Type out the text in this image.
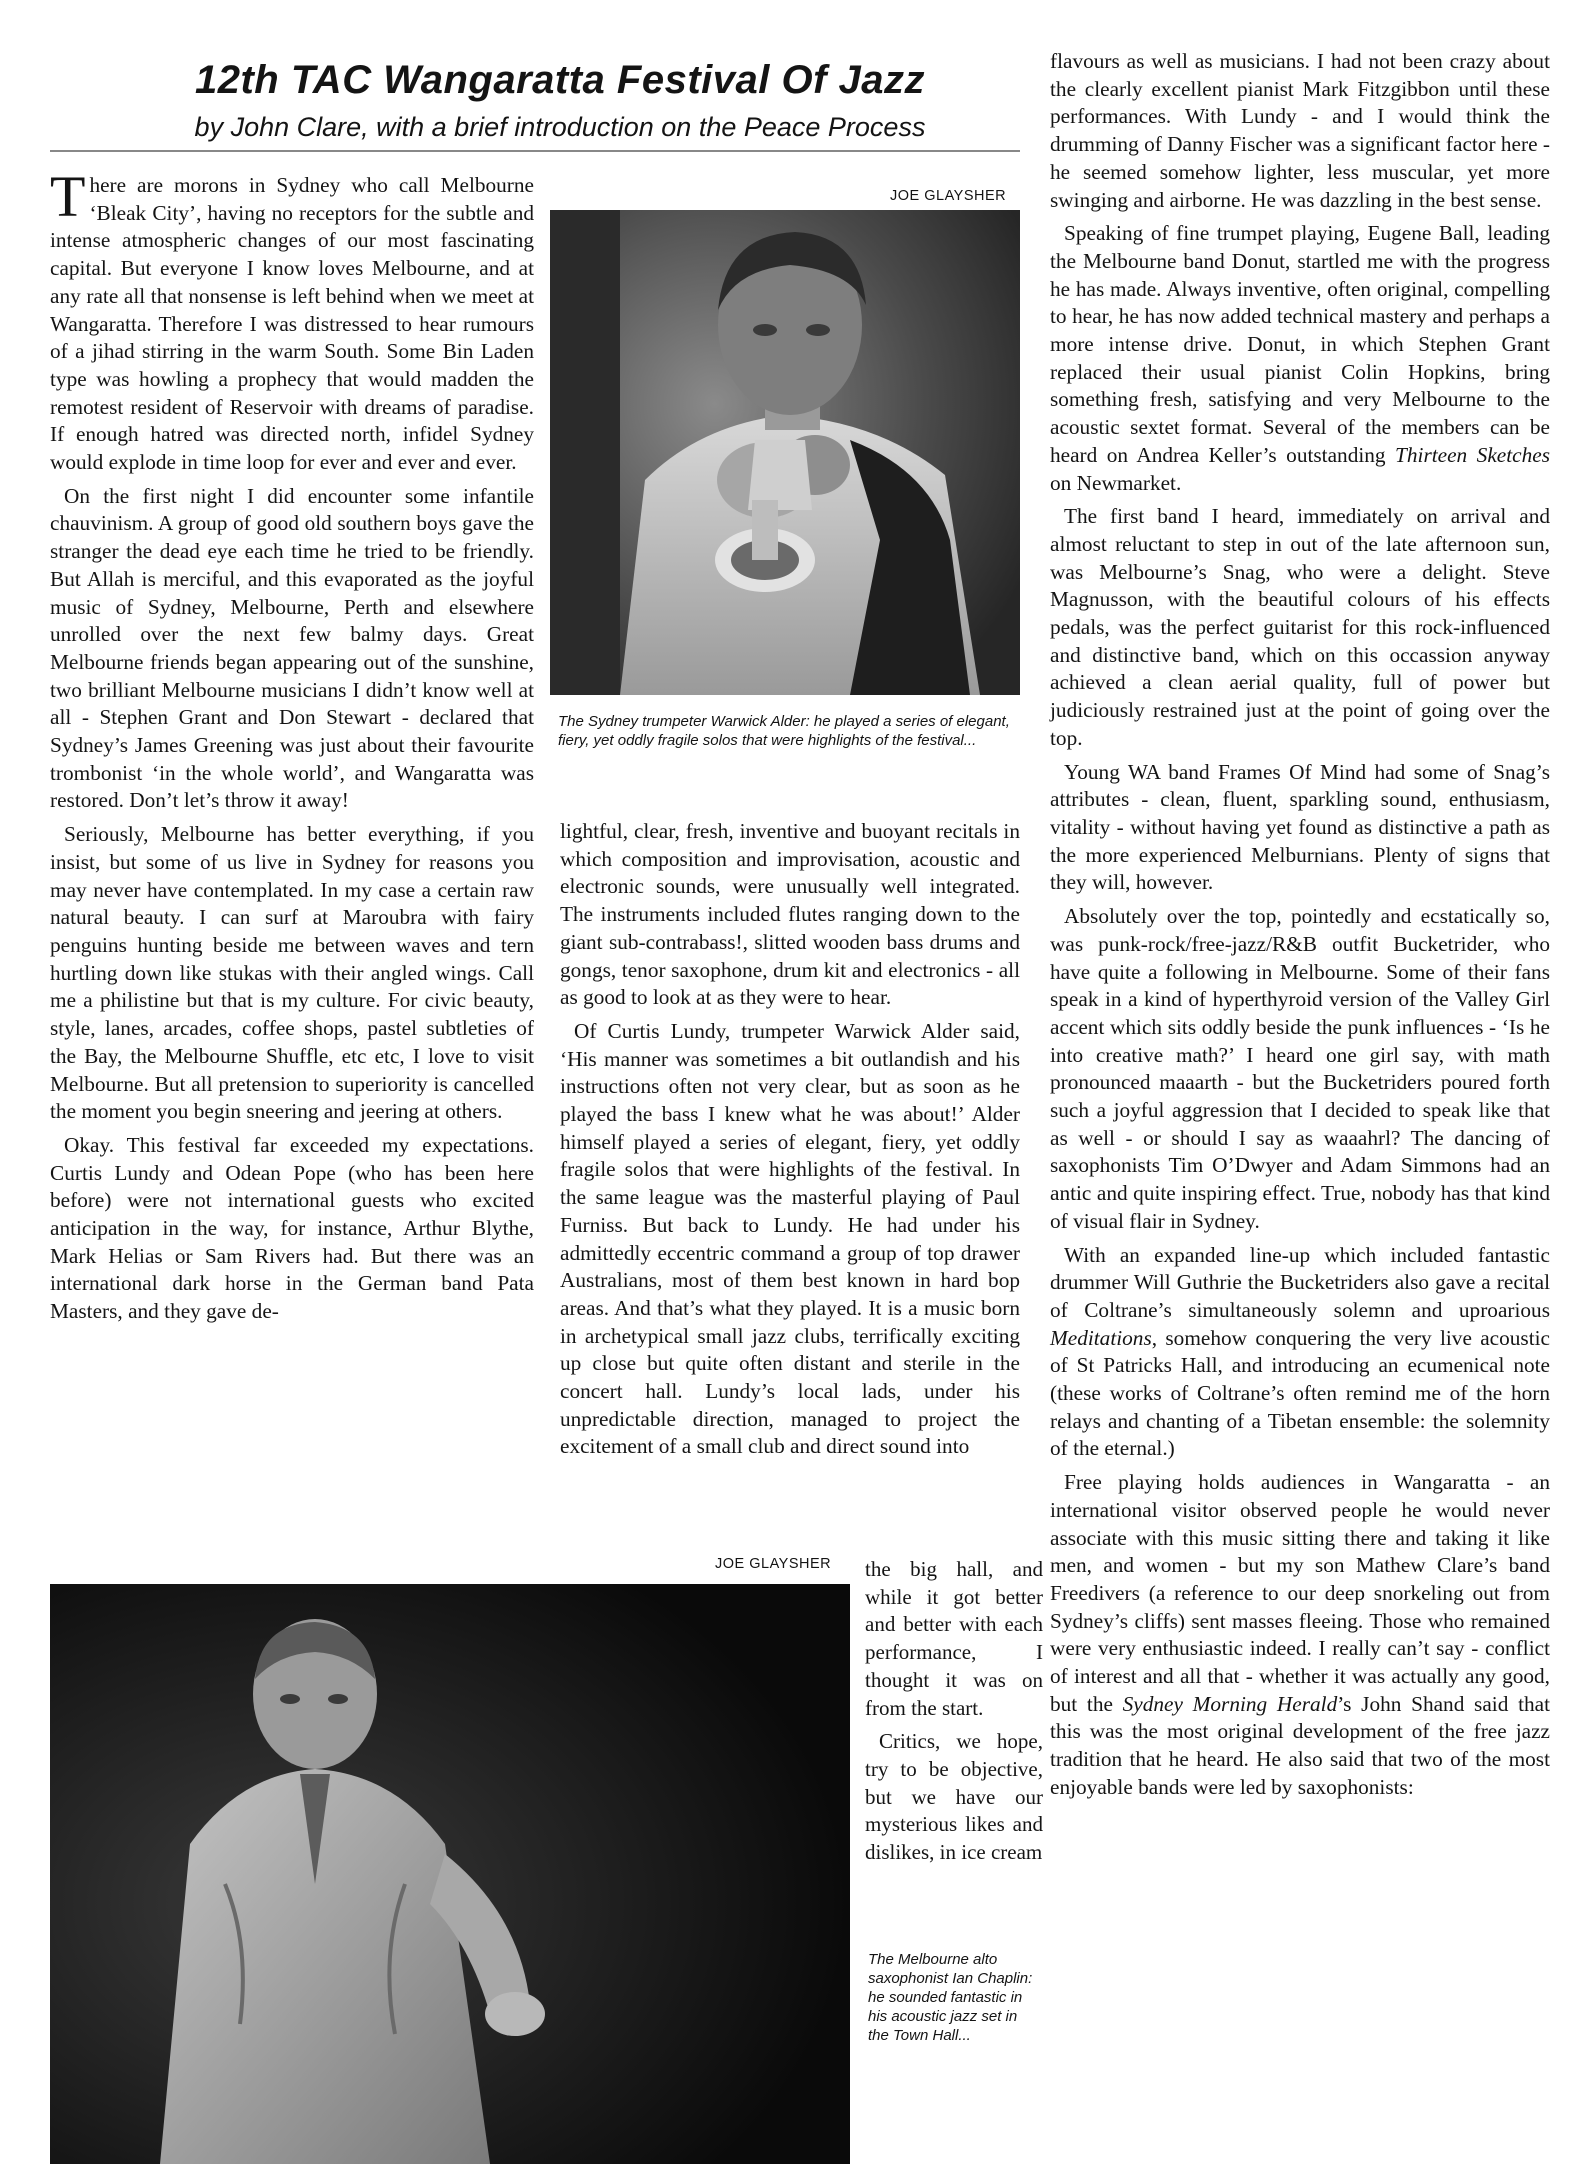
12th TAC Wangaratta Festival Of Jazz
by John Clare, with a brief introduction on the Peace Process

There are morons in Sydney who call Melbourne ‘Bleak City’, having no receptors for the subtle and intense atmospheric changes of our most fascinating capital. But everyone I know loves Melbourne, and at any rate all that nonsense is left behind when we meet at Wangaratta. Therefore I was distressed to hear rumours of a jihad stirring in the warm South. Some Bin Laden type was howling a prophecy that would madden the remotest resident of Reservoir with dreams of paradise. If enough hatred was directed north, infidel Sydney would explode in time loop for ever and ever and ever.

On the first night I did encounter some infantile chauvinism. A group of good old southern boys gave the stranger the dead eye each time he tried to be friendly. But Allah is merciful, and this evaporated as the joyful music of Sydney, Melbourne, Perth and elsewhere unrolled over the next few balmy days. Great Melbourne friends began appearing out of the sunshine, two brilliant Melbourne musicians I didn’t know well at all - Stephen Grant and Don Stewart - declared that Sydney’s James Greening was just about their favourite trombonist ‘in the whole world’, and Wangaratta was restored. Don’t let’s throw it away!

Seriously, Melbourne has better everything, if you insist, but some of us live in Sydney for reasons you may never have contemplated. In my case a certain raw natural beauty. I can surf at Maroubra with fairy penguins hunting beside me between waves and tern hurtling down like stukas with their angled wings. Call me a philistine but that is my culture. For civic beauty, style, lanes, arcades, coffee shops, pastel subtleties of the Bay, the Melbourne Shuffle, etc etc, I love to visit Melbourne. But all pretension to superiority is cancelled the moment you begin sneering and jeering at others.

Okay. This festival far exceeded my expectations. Curtis Lundy and Odean Pope (who has been here before) were not international guests who excited anticipation in the way, for instance, Arthur Blythe, Mark Helias or Sam Rivers had. But there was an international dark horse in the German band Pata Masters, and they gave de-

JOE GLAYSHER
The Sydney trumpeter Warwick Alder: he played a series of elegant, fiery, yet oddly fragile solos that were highlights of the festival...

lightful, clear, fresh, inventive and buoyant recitals in which composition and improvisation, acoustic and electronic sounds, were unusually well integrated. The instruments included flutes ranging down to the giant sub-contrabass!, slitted wooden bass drums and gongs, tenor saxophone, drum kit and electronics - all as good to look at as they were to hear.

Of Curtis Lundy, trumpeter Warwick Alder said, ‘His manner was sometimes a bit outlandish and his instructions often not very clear, but as soon as he played the bass I knew what he was about!’ Alder himself played a series of elegant, fiery, yet oddly fragile solos that were highlights of the festival. In the same league was the masterful playing of Paul Furniss. But back to Lundy. He had under his admittedly eccentric command a group of top drawer Australians, most of them best known in hard bop areas. And that’s what they played. It is a music born in archetypical small jazz clubs, terrifically exciting up close but quite often distant and sterile in the concert hall. Lundy’s local lads, under his unpredictable direction, managed to project the excitement of a small club and direct sound into

JOE GLAYSHER the big hall, and while it got better and better with each performance, I thought it was on from the start.

Critics, we hope, try to be objective, but we have our mysterious likes and dislikes, in ice cream

The Melbourne alto saxophonist Ian Chaplin: he sounded fantastic in his acoustic jazz set in the Town Hall...

flavours as well as musicians. I had not been crazy about the clearly excellent pianist Mark Fitzgibbon until these performances. With Lundy - and I would think the drumming of Danny Fischer was a significant factor here - he seemed somehow lighter, less muscular, yet more swinging and airborne. He was dazzling in the best sense.

Speaking of fine trumpet playing, Eugene Ball, leading the Melbourne band Donut, startled me with the progress he has made. Always inventive, often original, compelling to hear, he has now added technical mastery and perhaps a more intense drive. Donut, in which Stephen Grant replaced their usual pianist Colin Hopkins, bring something fresh, satisfying and very Melbourne to the acoustic sextet format. Several of the members can be heard on Andrea Keller’s outstanding Thirteen Sketches on Newmarket.

The first band I heard, immediately on arrival and almost reluctant to step in out of the late afternoon sun, was Melbourne’s Snag, who were a delight. Steve Magnusson, with the beautiful colours of his effects pedals, was the perfect guitarist for this rock-influenced and distinctive band, which on this occassion anyway achieved a clean aerial quality, full of power but judiciously restrained just at the point of going over the top.

Young WA band Frames Of Mind had some of Snag’s attributes - clean, fluent, sparkling sound, enthusiasm, vitality - without having yet found as distinctive a path as the more experienced Melburnians. Plenty of signs that they will, however.

Absolutely over the top, pointedly and ecstatically so, was punk-rock/free-jazz/R&B outfit Bucketrider, who have quite a following in Melbourne. Some of their fans speak in a kind of hyperthyroid version of the Valley Girl accent which sits oddly beside the punk influences - ‘Is he into creative math?’ I heard one girl say, with math pronounced maaarth - but the Bucketriders poured forth such a joyful aggression that I decided to speak like that as well - or should I say as waaahrl? The dancing of saxophonists Tim O’Dwyer and Adam Simmons had an antic and quite inspiring effect. True, nobody has that kind of visual flair in Sydney.

With an expanded line-up which included fantastic drummer Will Guthrie the Bucketriders also gave a recital of Coltrane’s simultaneously solemn and uproarious Meditations, somehow conquering the very live acoustic of St Patricks Hall, and introducing an ecumenical note (these works of Coltrane’s often remind me of the horn relays and chanting of a Tibetan ensemble: the solemnity of the eternal.)

Free playing holds audiences in Wangaratta - an international visitor observed people he would never associate with this music sitting there and taking it like men, and women - but my son Mathew Clare’s band Freedivers (a reference to our deep snorkeling out from Sydney’s cliffs) sent masses fleeing. Those who remained were very enthusiastic indeed. I really can’t say - conflict of interest and all that - whether it was actually any good, but the Sydney Morning Herald’s John Shand said that this was the most original development of the free jazz tradition that he heard. He also said that two of the most enjoyable bands were led by saxophonists:
